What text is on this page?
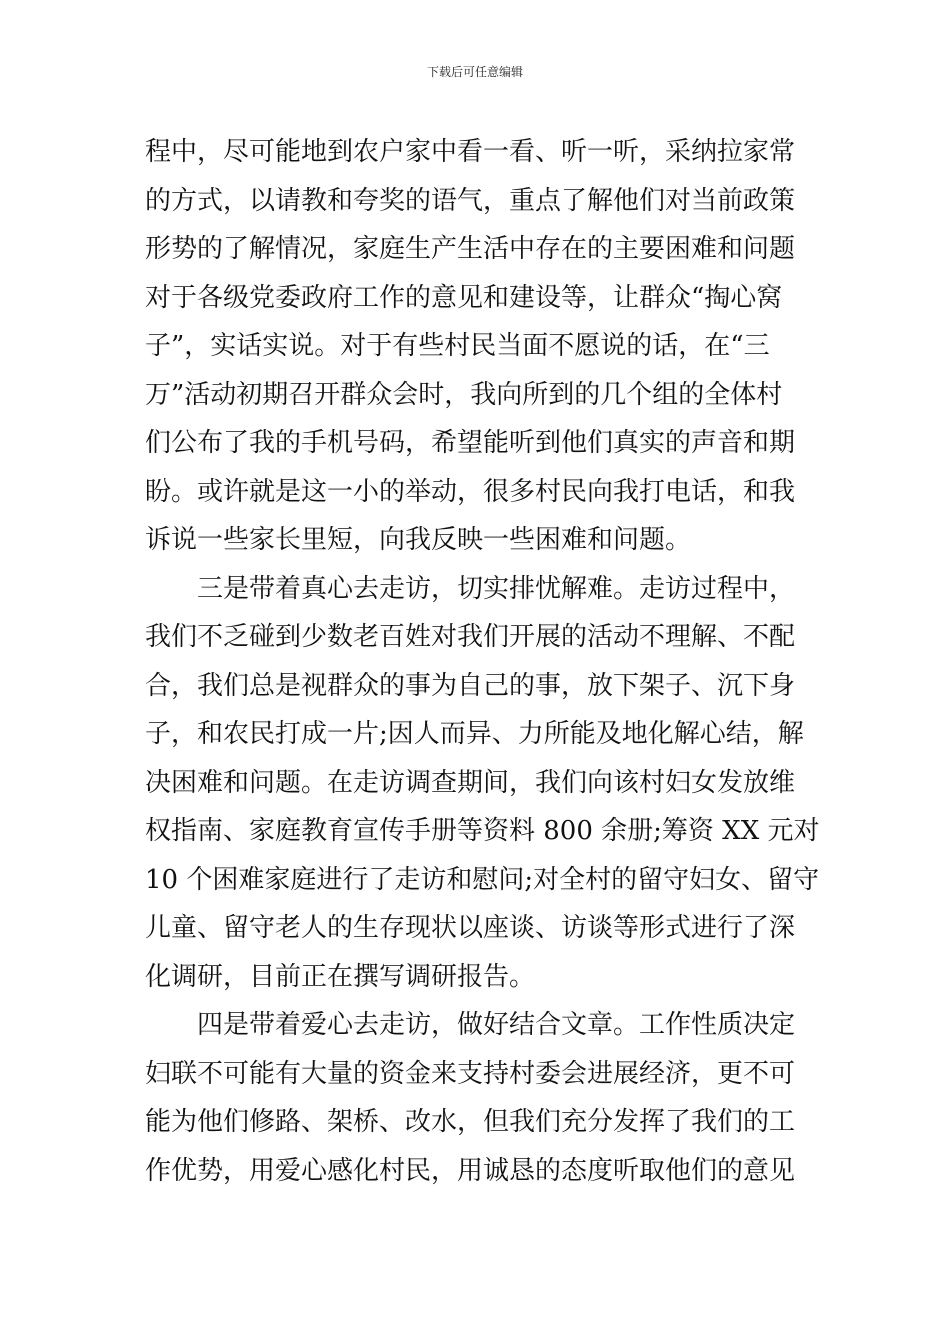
下载后可任意编辑
程中，尽可能地到农户家中看一看、听一听，采纳拉家常
的方式，以请教和夸奖的语气，重点了解他们对当前政策
形势的了解情况，家庭生产生活中存在的主要困难和问题
对于各级党委政府工作的意见和建设等，让群众“掏心窝
子”，实话实说。对于有些村民当面不愿说的话，在“三
万”活动初期召开群众会时，我向所到的几个组的全体村
们公布了我的手机号码，希望能听到他们真实的声音和期
盼。或许就是这一小的举动，很多村民向我打电话，和我
诉说一些家长里短，向我反映一些困难和问题。
三是带着真心去走访，切实排忧解难。走访过程中，
我们不乏碰到少数老百姓对我们开展的活动不理解、不配
合，我们总是视群众的事为自己的事，放下架子、沉下身
子，和农民打成一片;因人而异、力所能及地化解心结，解
决困难和问题。在走访调查期间，我们向该村妇女发放维
权指南、家庭教育宣传手册等资料 800 余册;筹资 XX 元对
10 个困难家庭进行了走访和慰问;对全村的留守妇女、留守
儿童、留守老人的生存现状以座谈、访谈等形式进行了深
化调研，目前正在撰写调研报告。
四是带着爱心去走访，做好结合文章。工作性质决定
妇联不可能有大量的资金来支持村委会进展经济，更不可
能为他们修路、架桥、改水，但我们充分发挥了我们的工
作优势，用爱心感化村民，用诚恳的态度听取他们的意见
